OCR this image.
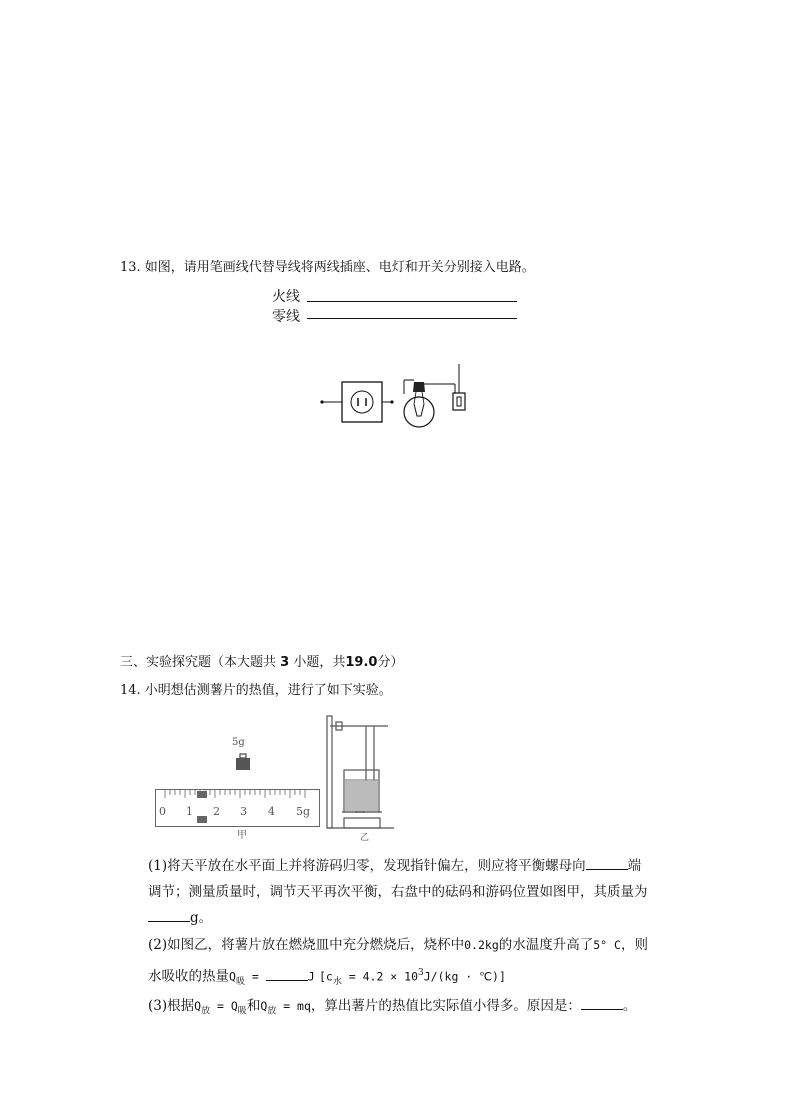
13. 如图，请用笔画线代替导线将两线插座、电灯和开关分别接入电路。
火线
零线
三、实验探究题（本大题共 3 小题，共19.0分）
14. 小明想估测薯片的热值，进行了如下实验。
5g
0 1 2 3 4 5g
甲	乙
(1)将天平放在水平面上并将游码归零，发现指针偏左，则应将平衡螺母向	端
调节；测量质量时，调节天平再次平衡，右盘中的砝码和游码位置如图甲，其质量为
g。
(2)如图乙，将薯片放在燃烧皿中充分燃烧后，烧杯中0.2kg的水温度升高了5° C，则
水吸收的热量$Q_吸$ =	J [$c_水 = 4.2 \times 10^3J/(kg$ · ℃)]
(3)根据$Q_放 = Q_吸$和$Q_放$ = mq，算出薯片的热值比实际值小得多。原因是：	。
